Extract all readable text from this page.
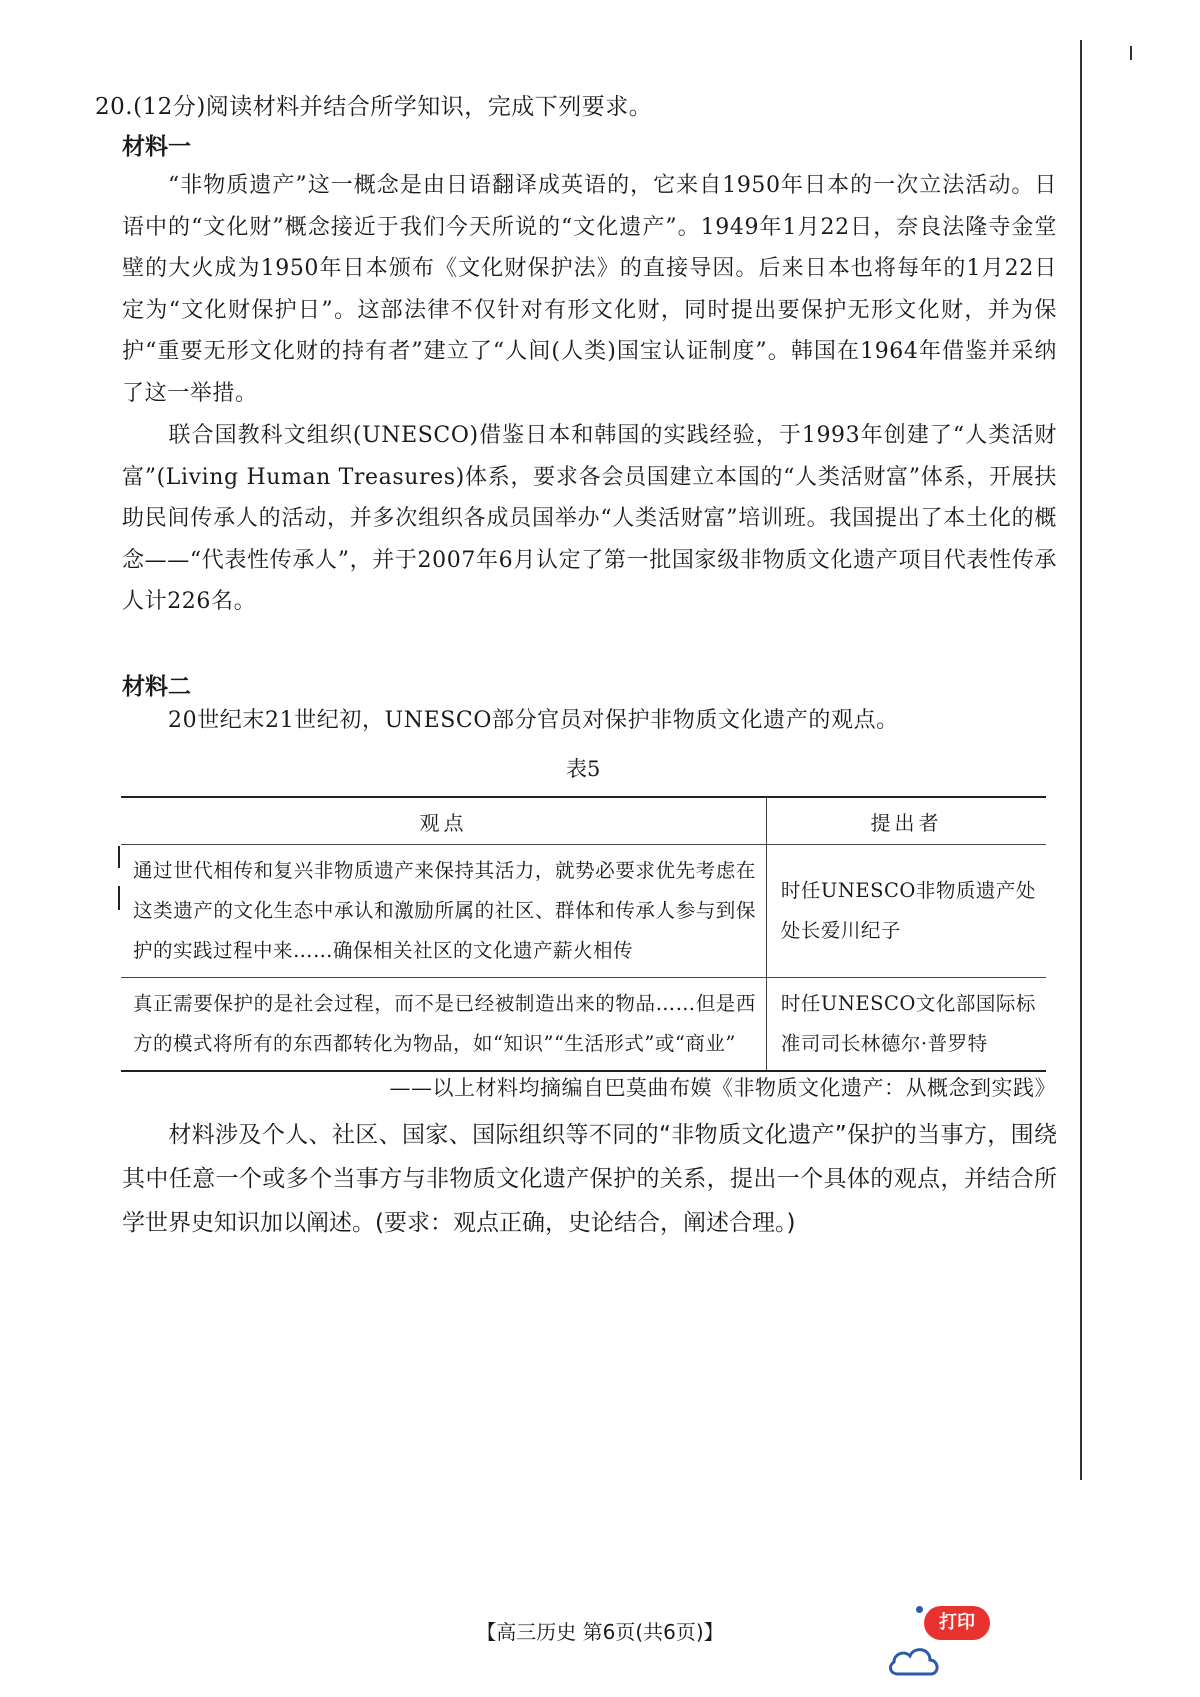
20.(12分)阅读材料并结合所学知识，完成下列要求。
材料一
“非物质遗产”这一概念是由日语翻译成英语的，它来自1950年日本的一次立法活动。日语中的“文化财”概念接近于我们今天所说的“文化遗产”。1949年1月22日，奈良法隆寺金堂壁的大火成为1950年日本颁布《文化财保护法》的直接导因。后来日本也将每年的1月22日定为“文化财保护日”。这部法律不仅针对有形文化财，同时提出要保护无形文化财，并为保护“重要无形文化财的持有者”建立了“人间(人类)国宝认证制度”。韩国在1964年借鉴并采纳了这一举措。
联合国教科文组织(UNESCO)借鉴日本和韩国的实践经验，于1993年创建了“人类活财富”(Living Human Treasures)体系，要求各会员国建立本国的“人类活财富”体系，开展扶助民间传承人的活动，并多次组织各成员国举办“人类活财富”培训班。我国提出了本土化的概念——“代表性传承人”，并于2007年6月认定了第一批国家级非物质文化遗产项目代表性传承人计226名。
材料二
20世纪末21世纪初，UNESCO部分官员对保护非物质文化遗产的观点。
表5
观点	提出者
通过世代相传和复兴非物质遗产来保持其活力，就势必要求优先考虑在这类遗产的文化生态中承认和激励所属的社区、群体和传承人参与到保护的实践过程中来……确保相关社区的文化遗产薪火相传	时任UNESCO非物质遗产处处长爱川纪子
真正需要保护的是社会过程，而不是已经被制造出来的物品……但是西方的模式将所有的东西都转化为物品，如“知识”“生活形式”或“商业”	时任UNESCO文化部国际标准司司长林德尔·普罗特
——以上材料均摘编自巴莫曲布嫫《非物质文化遗产：从概念到实践》
材料涉及个人、社区、国家、国际组织等不同的“非物质文化遗产”保护的当事方，围绕其中任意一个或多个当事方与非物质文化遗产保护的关系，提出一个具体的观点，并结合所学世界史知识加以阐述。(要求：观点正确，史论结合，阐述合理。)
【高三历史 第6页(共6页)】	打印
